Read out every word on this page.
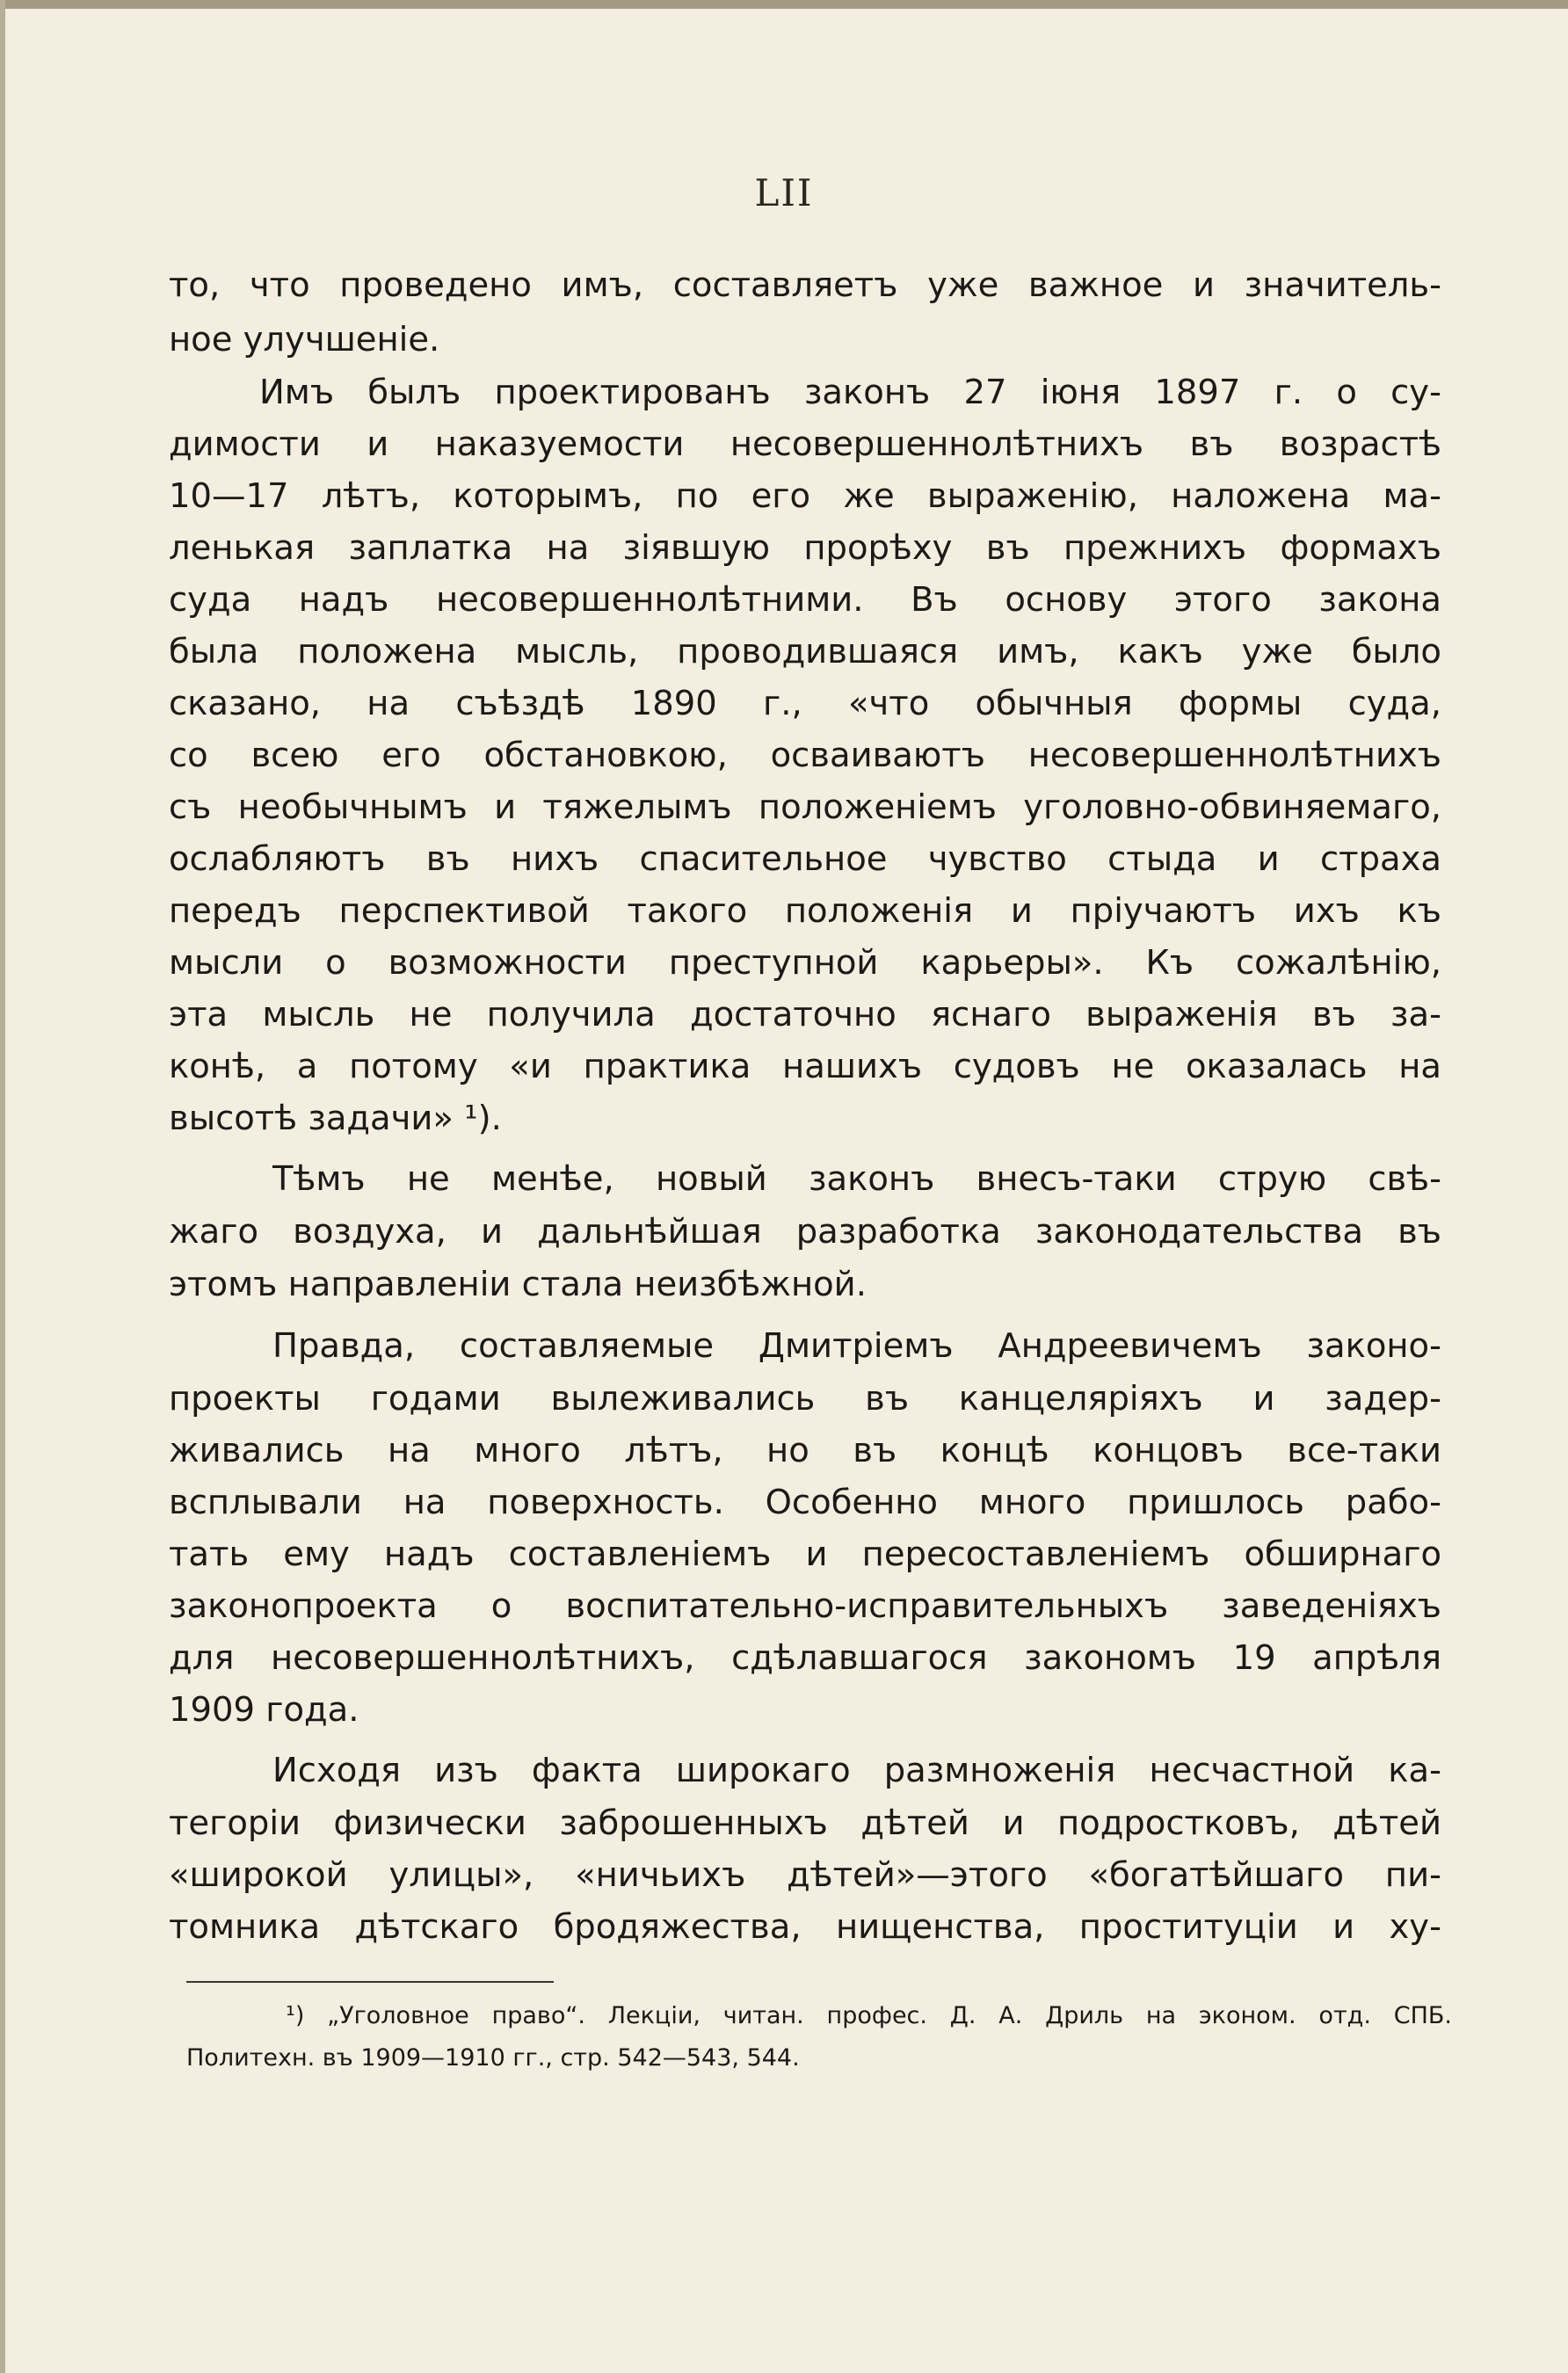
LII
то, что проведено имъ, составляетъ уже важное и значитель-
ное улучшеніе.
Имъ былъ проектированъ законъ 27 іюня 1897 г. о су-
димости и наказуемости несовершеннолѣтнихъ въ возрастѣ
10—17 лѣтъ, которымъ, по его же выраженію, наложена ма-
ленькая заплатка на зіявшую прорѣху въ прежнихъ формахъ
суда надъ несовершеннолѣтними. Въ основу этого закона
была положена мысль, проводившаяся имъ, какъ уже было
сказано, на съѣздѣ 1890 г., «что обычныя формы суда,
со всею его обстановкою, осваиваютъ несовершеннолѣтнихъ
съ необычнымъ и тяжелымъ положеніемъ уголовно-обвиняемаго,
ослабляютъ въ нихъ спасительное чувство стыда и страха
передъ перспективой такого положенія и пріучаютъ ихъ къ
мысли о возможности преступной карьеры». Къ сожалѣнію,
эта мысль не получила достаточно яснаго выраженія въ за-
конѣ, а потому «и практика нашихъ судовъ не оказалась на
высотѣ задачи» ¹).
Тѣмъ не менѣе, новый законъ внесъ-таки струю свѣ-
жаго воздуха, и дальнѣйшая разработка законодательства въ
этомъ направленіи стала неизбѣжной.
Правда, составляемые Дмитріемъ Андреевичемъ законо-
проекты годами вылеживались въ канцеляріяхъ и задер-
живались на много лѣтъ, но въ концѣ концовъ все-таки
всплывали на поверхность. Особенно много пришлось рабо-
тать ему надъ составленіемъ и пересоставленіемъ обширнаго
законопроекта о воспитательно-исправительныхъ заведеніяхъ
для несовершеннолѣтнихъ, сдѣлавшагося закономъ 19 апрѣля
1909 года.
Исходя изъ факта широкаго размноженія несчастной ка-
тегоріи физически заброшенныхъ дѣтей и подростковъ, дѣтей
«широкой улицы», «ничьихъ дѣтей»—этого «богатѣйшаго пи-
томника дѣтскаго бродяжества, нищенства, проституціи и ху-
¹) „Уголовное право“. Лекціи, читан. профес. Д. А. Дриль на эконом. отд. СПБ.
Политехн. въ 1909—1910 гг., стр. 542—543, 544.
